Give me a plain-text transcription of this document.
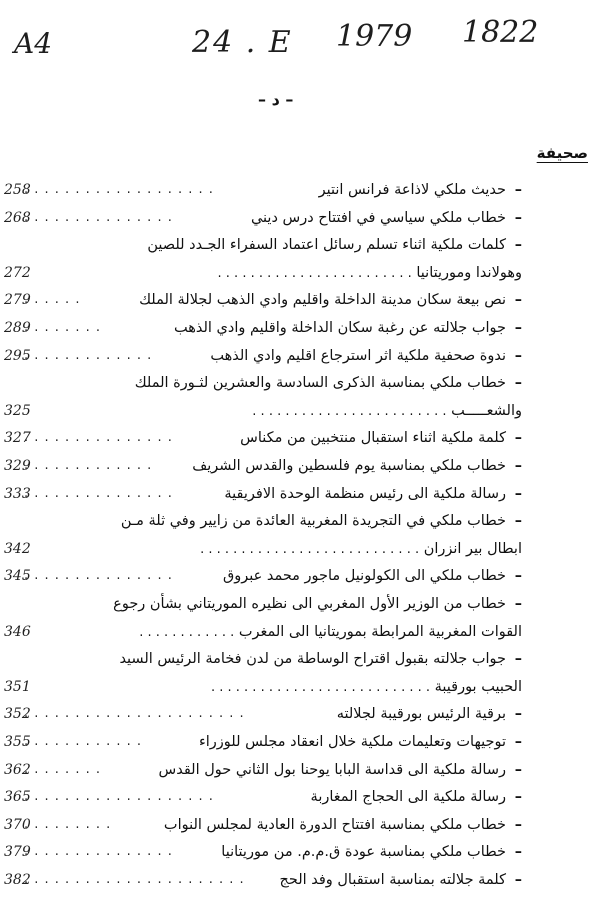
A4	24 . E 1979 1822
– د –
صحيفة
–حديث ملكي لاذاعة فرانس انتير
. . . . . . . . . . . . . . . . . . .
258
–خطاب ملكي سياسي في افتتاح درس ديني
. . . . . . . . . . . . . . .
268
–كلمات ملكية اثناء تسلم رسائل اعتماد السفراء الجـدد للصين
وهولاندا وموريتانيا . . . . . . . . . . . . . . . . . . . . . . . .
272
–نص بيعة سكان مدينة الداخلة واقليم وادي الذهب لجلالة الملك
. . . . . .
279
–جواب جلالته عن رغبة سكان الداخلة واقليم وادي الذهب
. . . . . . . .
289
–ندوة صحفية ملكية اثر استرجاع اقليم وادي الذهب
. . . . . . . . . . . . .
295
–خطاب ملكي بمناسبة الذكرى السادسة والعشرين لثـورة الملك
والشعـــــب . . . . . . . . . . . . . . . . . . . . . . . .
325
–كلمة ملكية اثناء استقبال منتخبين من مكناس
. . . . . . . . . . . . . . .
327
–خطاب ملكي بمناسبة يوم فلسطين والقدس الشريف
. . . . . . . . . . . . .
329
–رسالة ملكية الى رئيس منظمة الوحدة الافريقية
. . . . . . . . . . . . . . .
333
–خطاب ملكي في التجريدة المغربية العائدة من زايير وفي ثلة مـن
ابطال بير انزران . . . . . . . . . . . . . . . . . . . . . . . . . . .
342
–خطاب ملكي الى الكولونيل ماجور محمد عبروق
. . . . . . . . . . . . . . .
345
–خطاب من الوزير الأول المغربي الى نظيره الموريتاني بشأن رجوع
القوات المغربية المرابطة بموريتانيا الى المغرب . . . . . . . . . . . .
346
–جواب جلالته بقبول اقتراح الوساطة من لدن فخامة الرئيس السيد
الحبيب بورقيبة . . . . . . . . . . . . . . . . . . . . . . . . . . .
351
–برقية الرئيس بورقيبة لجلالته
. . . . . . . . . . . . . . . . . . . . . .
352
–توجيهات وتعليمات ملكية خلال انعقاد مجلس للوزراء
. . . . . . . . . . . .
355
–رسالة ملكية الى قداسة البابا يوحنا بول الثاني حول القدس
. . . . . . . .
362
–رسالة ملكية الى الحجاج المغاربة
. . . . . . . . . . . . . . . . . . .
365
–خطاب ملكي بمناسبة افتتاح الدورة العادية لمجلس النواب
. . . . . . . . .
370
–خطاب ملكي بمناسبة عودة ق.م.م. من موريتانيا
. . . . . . . . . . . . . . .
379
–كلمة جلالته بمناسبة استقبال وفد الحج
. . . . . . . . . . . . . . . . . . . . . .
382
